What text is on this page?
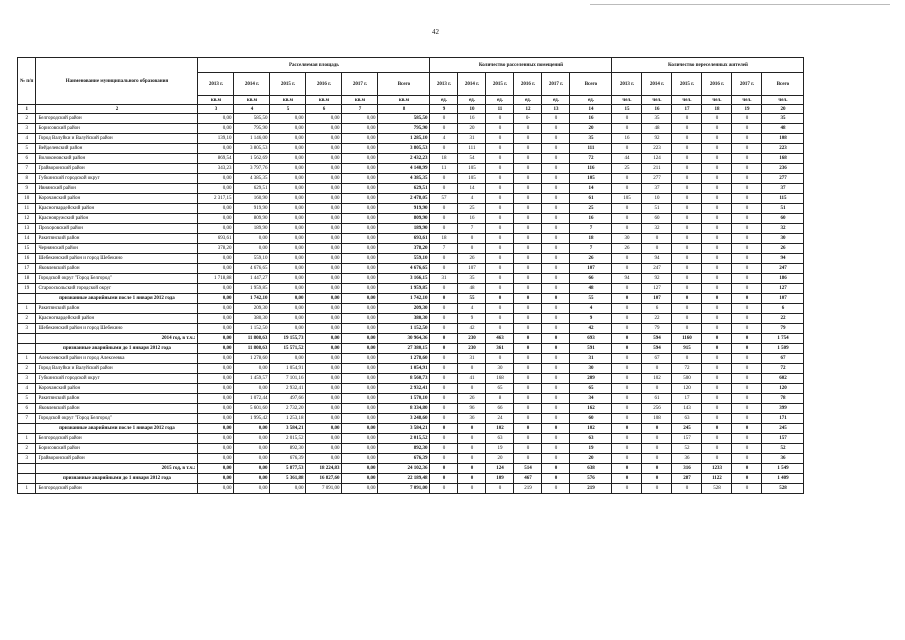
42
№ п/п	Наименование муниципального образования	Расселяемая площадь						Количество расселенных помещений						Количество переселенных жителей					
		2013 г.	2014 г.	2015 г.	2016 г.	2017 г.	Всего	2013 г.	2014 г.	2015 г.	2016 г.	2017 г.	Всего	2013 г.	2014 г.	2015 г.	2016 г.	2017 г.	Всего
		кв.м	кв.м	кв.м	кв.м	кв.м	кв.м	ед.	ед.	ед.	ед.	ед.	ед.	чел.	чел.	чел.	чел.	чел.	чел.
1	2	3	4	5	6	7	8	9	10	11	12	13	14	15	16	17	18	19	20
2	Белгородский район	0,00	585,50	0,00	0,00	0,00	585,50	0	16	0	0-	0	16	0	35	0	0	0	35
3	Борисовский район	0,00	795,90	0,00	0,00	0,00	795,90	0	20	0	0	0	20	0	48	0	0	0	48
4	Город Валуйки и Валуйский район	139,10	1 146,00	0,00	0,00	0,00	1 285,10	4	31	0	0	0	35	16	92	0	0	0	108
5	Вейделевский район	0,00	3 805,53	0,00	0,00	0,00	3 805,53	0	111	0	0	0	111	0	223	0	0	0	223
6	Волоконовский район	869,54	1 562,69	0,00	0,00	0,00	2 432,23	18	54	0	0	0	72	44	124	0	0	0	168
7	Грайворонский район	343,23	3 797,76	0,00	0,00	0,00	4 140,99	11	105	0	0	0	116	25	211	0	0	0	236
8	Губкинский городской округ	0,00	4 385,35	0,00	0,00	0,00	4 385,35	0	105	0	0	0	105	0	277	0	0	0	277
9	Ивнянский район	0,00	629,51	0,00	0,00	0,00	629,51	0	14	0	0	0	14	0	37	0	0	0	37
10	Корочанский район	2 317,15	160,90	0,00	0,00	0,00	2 478,05	57	4	0	0	0	61	105	10	0	0	0	115
11	Красногвардейский район	0,00	919,90	0,00	0,00	0,00	919,90	0	25	0	0	0	25	0	51	0	0	0	51
12	Краснояружский район	0,00	809,90	0,00	0,00	0,00	809,90	0	16	0	0	0	16	0	60	0	0	0	60
13	Прохоровский район	0,00	189,90	0,00	0,00	0,00	189,90	0	7	0	0	0	7	0	32	0	0	0	32
14	Ракитянский район	693,61	0,00	0,00	0,00	0,00	693,61	18	0	0	0	0	18	30	0	0	0	0	30
15	Чернянский район	378,20	0,00	0,00	0,00	0,00	378,20	7	0	0	0	0	7	26	0	0	0	0	26
16	Шебекинский район и город Шебекино	0,00	559,10	0,00	0,00	0,00	559,10	0	26	0	0	0	26	0	94	0	0	0	94
17	Яковлевский район	0,00	4 676,65	0,00	0,00	0,00	4 676,65	0	107	0	0	0	107	0	247	0	0	0	247
18	Городской округ "Город Белгород"	1 718,88	1 447,27	0,00	0,00	0,00	3 166,15	31	35	0	0	0	66	94	92	0	0	0	186
19	Старооскольский городской округ	0,00	1 959,85	0,00	0,00	0,00	1 959,85	0	48	0	0	0	48	0	127	0	0	0	127
	признанные аварийными после 1 января 2012 года	0,00	1 742,10	0,00	0,00	0,00	1 742,10	0	55	0	0	0	55	0	107	0	0	0	107
1	Ракитянский район	0,00	209,30	0,00	0,00	0,00	209,30	0	4	0	0	0	4	0	6	0	0	0	6
2	Красногвардейский район	0,00	380,30	0,00	0,00	0,00	380,30	0	9	0	0	0	9	0	22	0	0	0	22
3	Шебекинский район и город Шебекино	0,00	1 152,50	0,00	0,00	0,00	1 152,50	0	42	0	0	0	42	0	79	0	0	0	79
	2014 год, в т.ч.:	0,00	11 808,63	19 155,73	0,00	0,00	30 964,36	0	230	463	0	0	693	0	594	1160	0	0	1 754
	признанные аварийными до 1 января 2012 года	0,00	11 808,63	15 571,52	0,00	0,00	27 380,15	0	230	361	0	0	591	0	594	915	0	0	1 509
1	Алексеевский район и город Алексеевка	0,00	1 278,60	0,00	0,00	0,00	1 278,60	0	31	0	0	0	31	0	67	0	0	0	67
2	Город Валуйки и Валуйский район	0,00	0,00	1 054,91	0,00	0,00	1 054,91	0	0	30	0	0	30	0	0	72	0	0	72
3	Губкинский городской округ	0,00	1 459,57	7 101,16	0,00	0,00	8 560,73	0	41	168	0	0	209	0	102	500	0	0	602
4	Корочанский район	0,00	0,00	2 932,41	0,00	0,00	2 932,41	0	0	65	0	0	65	0	0	120	0	0	120
5	Ракитянский район	0,00	1 072,44	497,66	0,00	0,00	1 570,10	0	26	8	0	0	34	0	61	17	0	0	78
6	Яковлевский район	0,00	5 601,60	2 732,20	0,00	0,00	8 334,80	0	96	66	0	0	162	0	256	143	0	0	399
7	Городской округ "Город Белгород"	0,00	1 995,42	1 253,18	0,00	0,00	3 248,60	0	36	24	0	0	60	0	108	63	0	0	171
	признанные аварийными после 1 января 2012 года	0,00	0,00	3 584,21	0,00	0,00	3 584,21	0	0	102	0	0	102	0	0	245	0	0	245
1	Белгородский район	0,00	0,00	2 015,52	0,00	0,00	2 015,52	0	0	63	0	0	63	0	0	157	0	0	157
2	Борисовский район	0,00	0,00	892,30	0,00	0,00	892,30	0	0	19	0	0	19	0	0	52	0	0	52
3	Грайворонский район	0,00	0,00	676,39	0,00	0,00	676,39	0	0	20	0	0	20	0	0	36	0	0	36
	2015 год, в т.ч.:	0,00	0,00	5 877,53	18 224,83	0,00	24 102,36	0	0	124	514	0	638	0	0	316	1233	0	1 549
	признанные аварийными до 1 января 2012 года	0,00	0,00	5 361,88	16 827,60	0,00	22 189,48	0	0	109	467	0	576	0	0	287	1122	0	1 409
1	Белгородский район	0,00	0,00	0,00	7 091,00	0,00	7 091,00	0	0	0	219	0	219	0	0	0	528	0	528
